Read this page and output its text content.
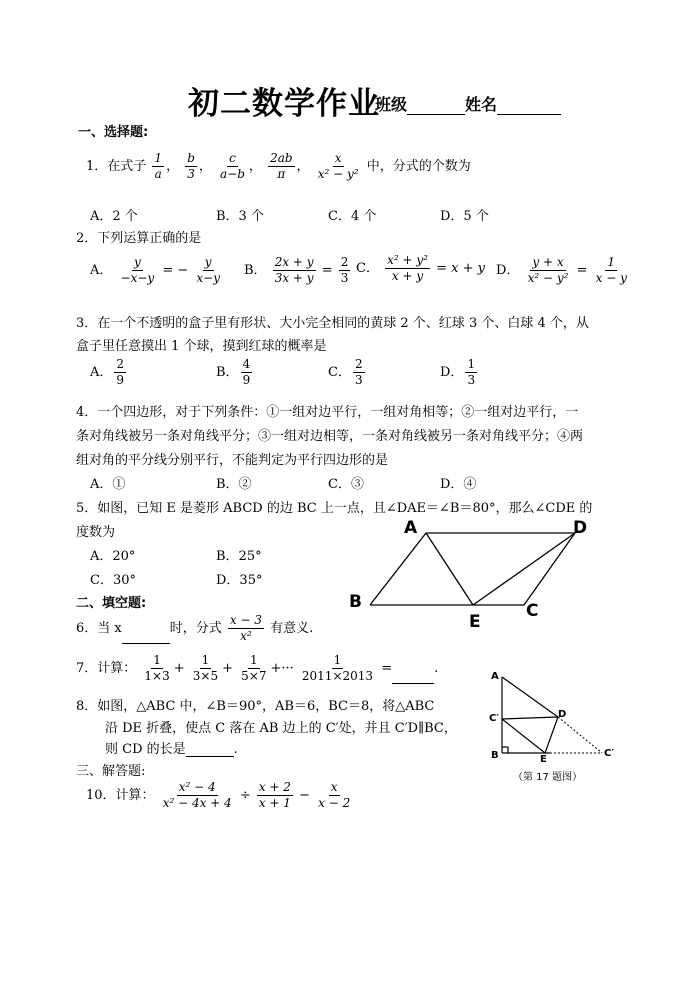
初二数学作业
班级	姓名
一、选择题:
1．在式子 $\frac{1}{a}$ ， $\frac{b}{3}$ ， $\frac{c}{a-b}$ ， $\frac{2ab}{\pi}$ ， $\frac{x}{\text{x² − y²}}$ 中，分式的个数为
A．2 个	B．3 个	C．4 个	D．5 个
2．下列运算正确的是
A． $\frac{y}{-x-y}$ = − $\frac{y}{x-y}$ B． $\frac{2x + y}{3x + y} = \frac{2}{3}$ C． $\frac{\text{x² + y²}}{x + y} = x + y$ D． $\frac{y + x}{\text{x² − y²}} = \frac{1}{x - y}$
3．在一个不透明的盒子里有形状、大小完全相同的黄球 2 个、红球 3 个、白球 4 个，从
盒子里任意摸出 1 个球，摸到红球的概率是
A． $\frac{2}{9}$	B． $\frac{4}{9}$	C． $\frac{2}{3}$	D． $\frac{1}{3}$
4．一个四边形，对于下列条件：①一组对边平行，一组对角相等；②一组对边平行，一
条对角线被另一条对角线平分；③一组对边相等，一条对角线被另一条对角线平分；④两
组对角的平分线分别平行，不能判定为平行四边形的是
A．①	B．②	C．③	D．④
5．如图，已知 E 是菱形 ABCD 的边 BC 上一点，且∠DAE＝∠B＝80°，那么∠CDE 的
度数为
A．20°	B．25°
C．30°	D．35°
A	D
B
E
C
二、填空题:
6．当 x	时，分式 $\frac{x - 3}{\text{x²}}$ 有意义.
7．计算： $\frac{1}{1\times 3} + \frac{1}{3\times 5} + \frac{1}{5\times 7}$ +··· $\frac{1}{2011\times 2013}$ =	.
8．如图，△ABC 中，∠B＝90°，AB＝6，BC＝8，将△ABC
沿 DE 折叠，使点 C 落在 AB 边上的 C′处，并且 C′D∥BC，
则 CD 的长是	.
A
C′	D
B	E
C′
（第 17 题图）
三、解答题:
10．计算： $\frac{\text{x² − 4}}{\text{x² − 4x + 4}} \div \frac{x + 2}{x + 1} - \frac{x}{x - 2}$
